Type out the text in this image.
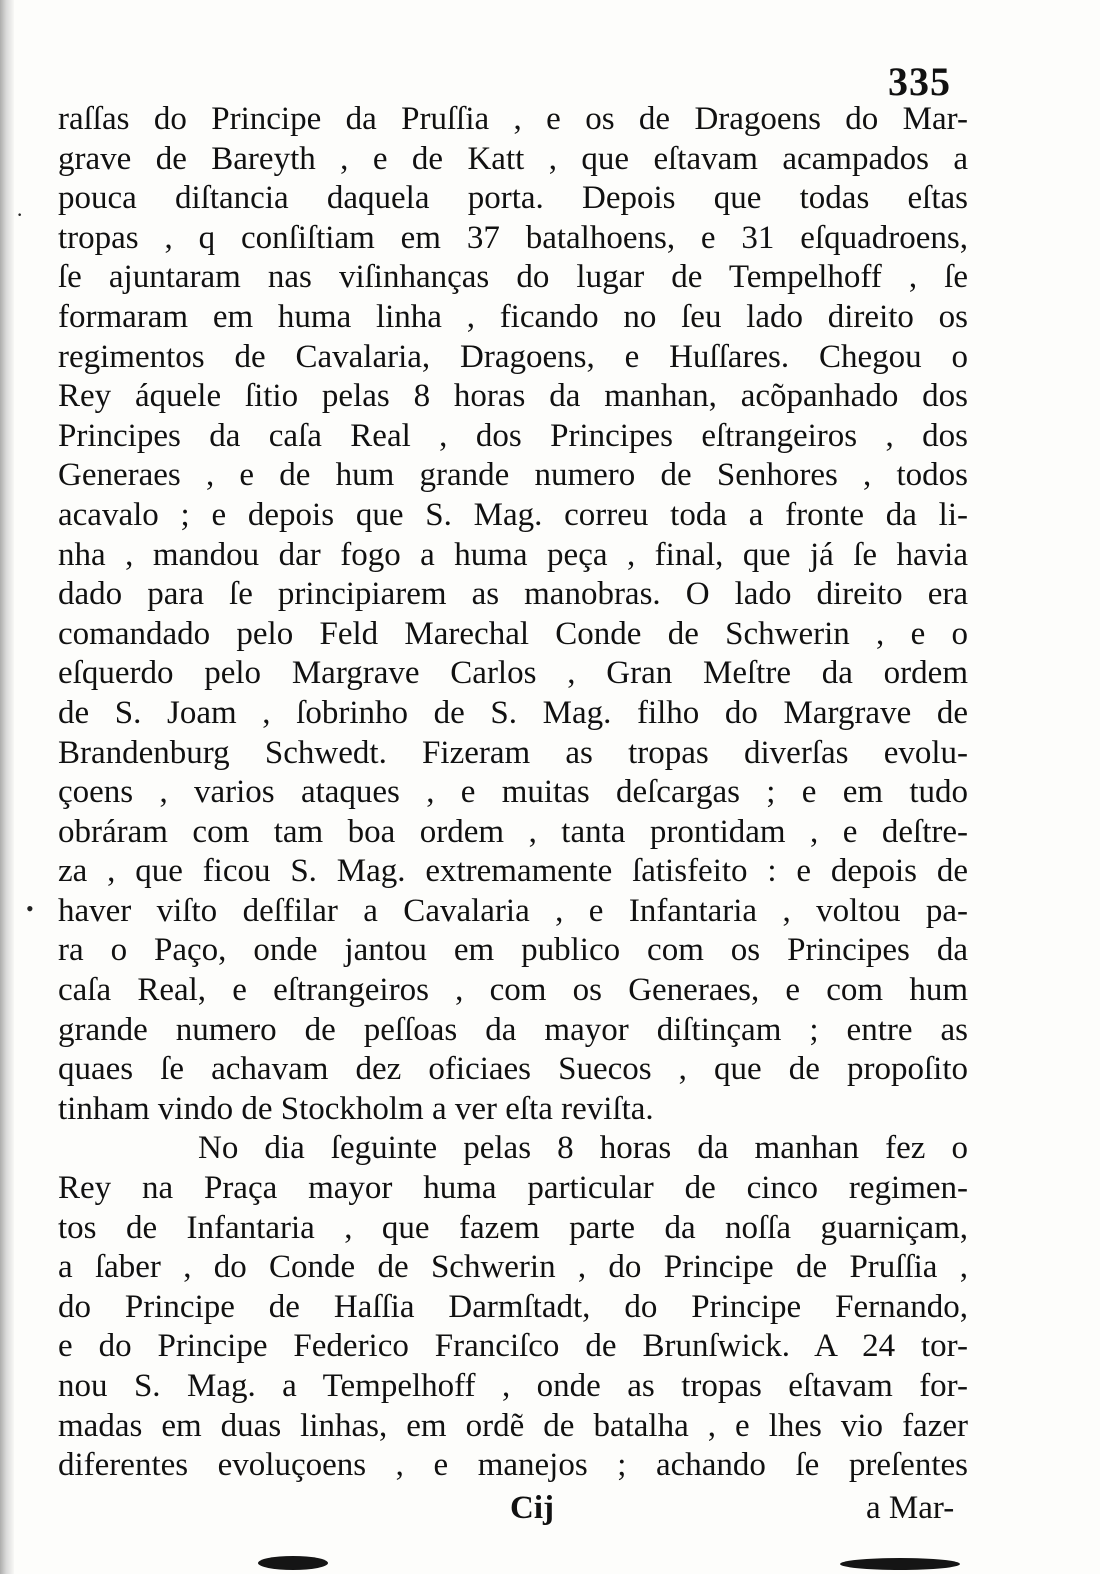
335
raſſas do Principe da Pruſſia , e os de Dragoens do Mar-
grave de Bareyth , e de Katt , que eſtavam acampados a
pouca diſtancia daquela porta. Depois que todas eſtas
tropas , q conſiſtiam em 37 batalhoens, e 31 eſquadroens,
ſe ajuntaram nas viſinhanças do lugar de Tempelhoff , ſe
formaram em huma linha , ficando no ſeu lado direito os
regimentos de Cavalaria, Dragoens, e Huſſares. Chegou o
Rey áquele ſitio pelas 8 horas da manhan, acõpanhado dos
Principes da caſa Real , dos Principes eſtrangeiros , dos
Generaes , e de hum grande numero de Senhores , todos
acavalo ; e depois que S. Mag. correu toda a fronte da li-
nha , mandou dar fogo a huma peça , final, que já ſe havia
dado para ſe principiarem as manobras. O lado direito era
comandado pelo Feld Marechal Conde de Schwerin , e o
eſquerdo pelo Margrave Carlos , Gran Meſtre da ordem
de S. Joam , ſobrinho de S. Mag. filho do Margrave de
Brandenburg Schwedt. Fizeram as tropas diverſas evolu-
çoens , varios ataques , e muitas deſcargas ; e em tudo
obráram com tam boa ordem , tanta prontidam , e deſtre-
za , que ficou S. Mag. extremamente ſatisfeito : e depois de
haver viſto deſfilar a Cavalaria , e Infantaria , voltou pa-
ra o Paço, onde jantou em publico com os Principes da
caſa Real, e eſtrangeiros , com os Generaes, e com hum
grande numero de peſſoas da mayor diſtinçam ; entre as
quaes ſe achavam dez oficiaes Suecos , que de propoſito
tinham vindo de Stockholm a ver eſta reviſta.
No dia ſeguinte pelas 8 horas da manhan fez o
Rey na Praça mayor huma particular de cinco regimen-
tos de Infantaria , que fazem parte da noſſa guarniçam,
a ſaber , do Conde de Schwerin , do Principe de Pruſſia ,
do Principe de Haſſia Darmſtadt, do Principe Fernando,
e do Principe Federico Franciſco de Brunſwick. A 24 tor-
nou S. Mag. a Tempelhoff , onde as tropas eſtavam for-
madas em duas linhas, em ordẽ de batalha , e lhes vio fazer
diferentes evoluçoens , e manejos ; achando ſe preſentes
·
•
Cij	a Mar-
